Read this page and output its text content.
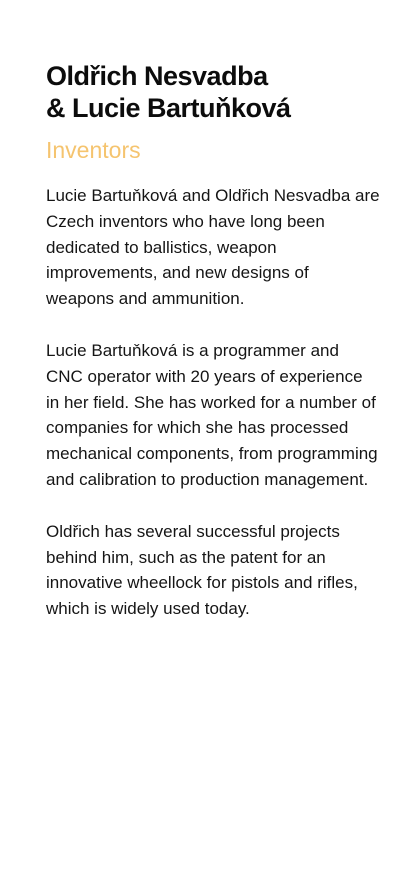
Oldřich Nesvadba
& Lucie Bartuňková
Inventors

Lucie Bartuňková and Oldřich Nesvadba are Czech inventors who have long been dedicated to ballistics, weapon improvements, and new designs of weapons and ammunition.

Lucie Bartuňková is a programmer and CNC operator with 20 years of experience in her field. She has worked for a number of companies for which she has processed mechanical components, from programming and calibration to production management.

Oldřich has several successful projects behind him, such as the patent for an innovative wheellock for pistols and rifles, which is widely used today.
